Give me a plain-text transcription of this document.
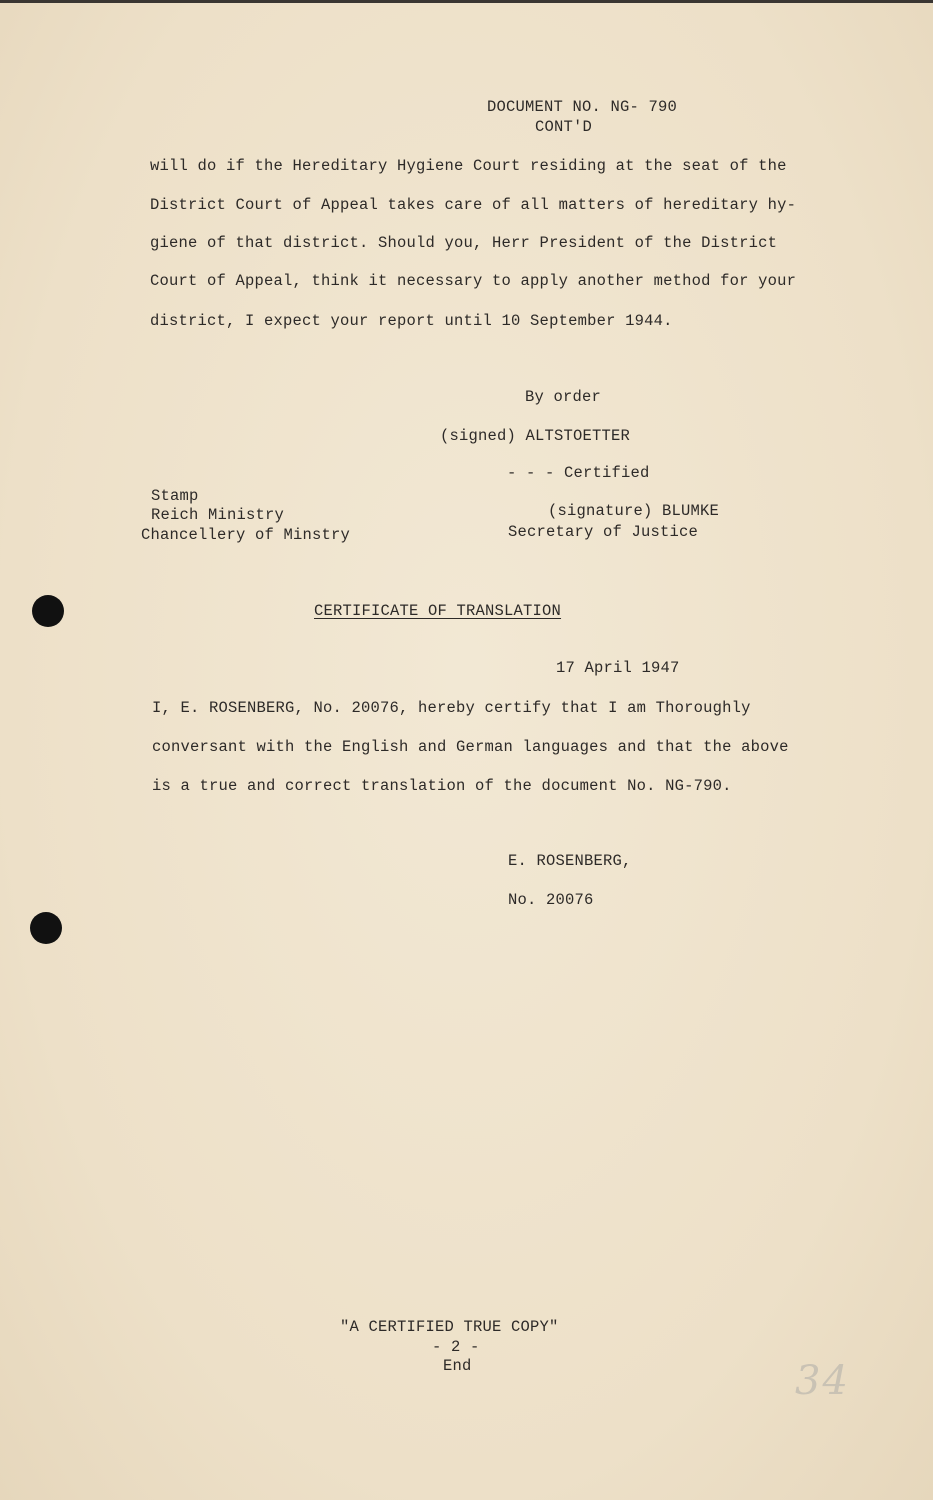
DOCUMENT NO. NG- 790
CONT'D
will do if the Hereditary Hygiene Court residing at the seat of the
District Court of Appeal takes care of all matters of hereditary hy-
giene of that district. Should you, Herr President of the District
Court of Appeal, think it necessary to apply another method for your
district, I expect your report until 10 September 1944.
By order
(signed) ALTSTOETTER
- - - Certified
Stamp
Reich Ministry
Chancellery of Minstry
(signature) BLUMKE
Secretary of Justice
CERTIFICATE OF TRANSLATION
17 April 1947
I, E. ROSENBERG, No. 20076, hereby certify that I am Thoroughly
conversant with the English and German languages and that the above
is a true and correct translation of the document No. NG-790.
E. ROSENBERG,
No. 20076
"A CERTIFIED TRUE COPY"
- 2 -
End	34
